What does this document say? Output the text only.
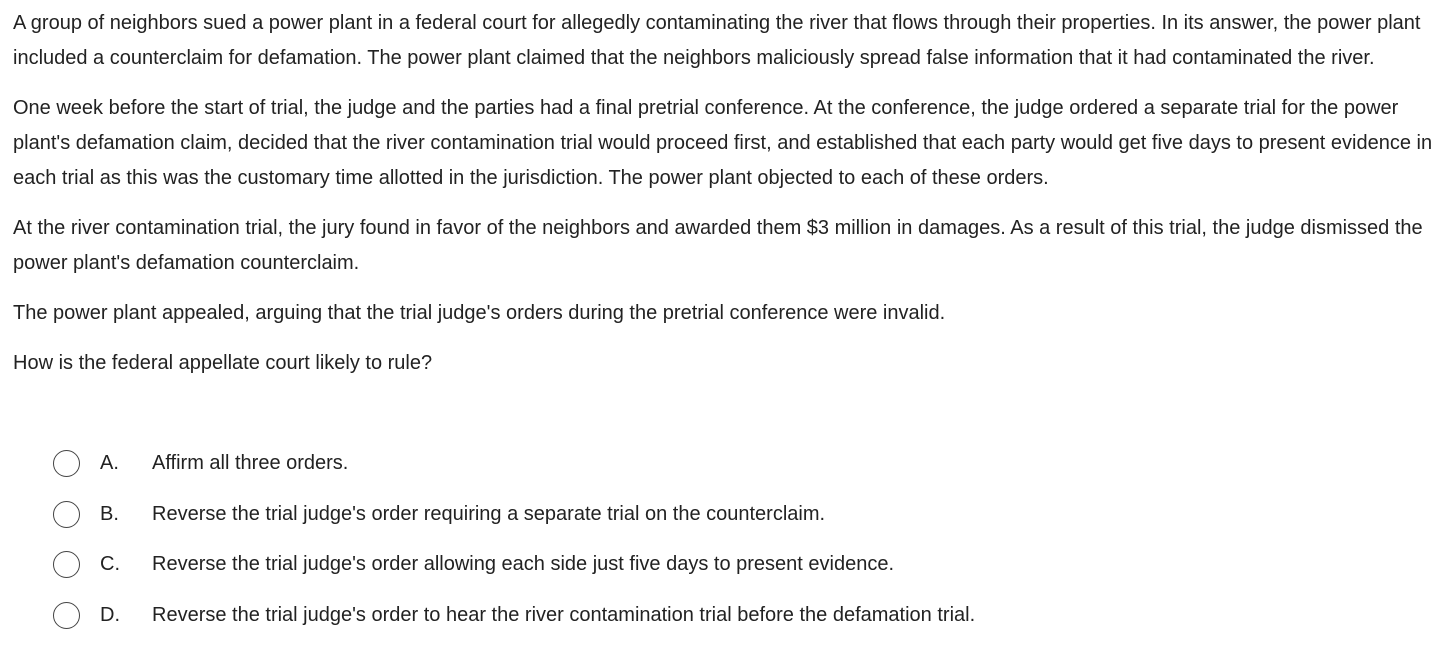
A group of neighbors sued a power plant in a federal court for allegedly contaminating the river that flows through their properties. In its answer, the power plant included a counterclaim for defamation. The power plant claimed that the neighbors maliciously spread false information that it had contaminated the river.

One week before the start of trial, the judge and the parties had a final pretrial conference. At the conference, the judge ordered a separate trial for the power plant's defamation claim, decided that the river contamination trial would proceed first, and established that each party would get five days to present evidence in each trial as this was the customary time allotted in the jurisdiction. The power plant objected to each of these orders.

At the river contamination trial, the jury found in favor of the neighbors and awarded them $3 million in damages. As a result of this trial, the judge dismissed the power plant's defamation counterclaim.

The power plant appealed, arguing that the trial judge's orders during the pretrial conference were invalid.

How is the federal appellate court likely to rule?

A.	Affirm all three orders.
B.	Reverse the trial judge's order requiring a separate trial on the counterclaim.
C.	Reverse the trial judge's order allowing each side just five days to present evidence.
D.	Reverse the trial judge's order to hear the river contamination trial before the defamation trial.
